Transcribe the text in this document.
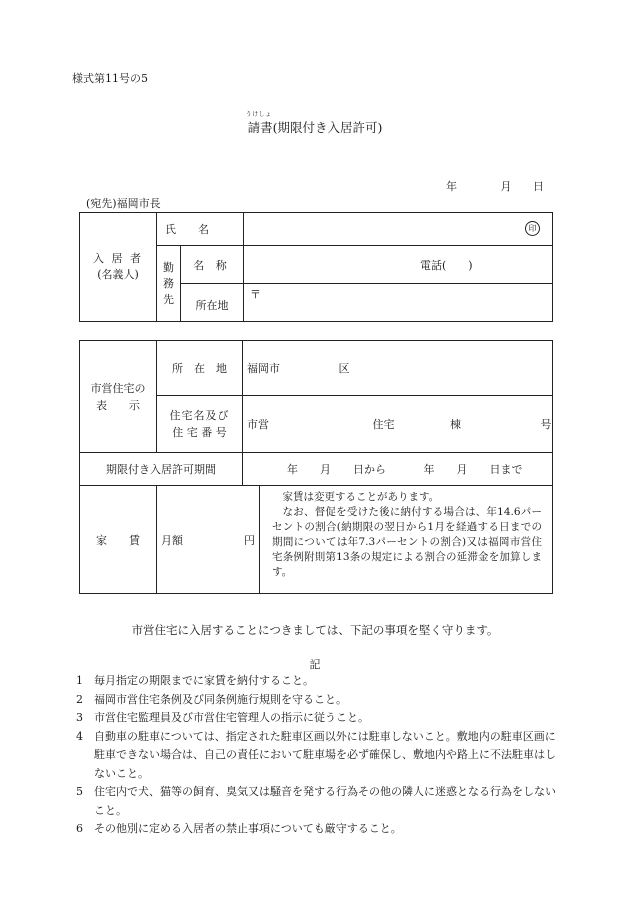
様式第11号の5
うけしょ
請書(期限付き入居許可)
年	月 日
(宛先)福岡市長
入 居 者
(名義人)	氏　　名		印

	勤務先	名 称	電話(　　)
		所在地	〒
市営住宅の
表　　示	所　在　地	福岡市 区

	住宅名及び
住 宅 番 号	市営 住宅 棟 号
期限付き入居許可期間		年　　月　　日から 年　　月　　日まで
家　　賃	月額 円
家賃は変更することがあります。
なお、督促を受けた後に納付する場合は、年14.6パーセントの割合(納期限の翌日から1月を経過する日までの期間については年7.3パーセントの割合)又は福岡市営住宅条例附則第13条の規定による割合の延滞金を加算します。	
市営住宅に入居することにつきましては、下記の事項を堅く守ります。
記
1	毎月指定の期限までに家賃を納付すること。
2	福岡市営住宅条例及び同条例施行規則を守ること。
3	市営住宅監理員及び市営住宅管理人の指示に従うこと。
4	自動車の駐車については、指定された駐車区画以外には駐車しないこと。敷地内の駐車区画に駐車できない場合は、自己の責任において駐車場を必ず確保し、敷地内や路上に不法駐車はしないこと。
5	住宅内で犬、猫等の飼育、臭気又は騒音を発する行為その他の隣人に迷惑となる行為をしないこと。
6	その他別に定める入居者の禁止事項についても厳守すること。
